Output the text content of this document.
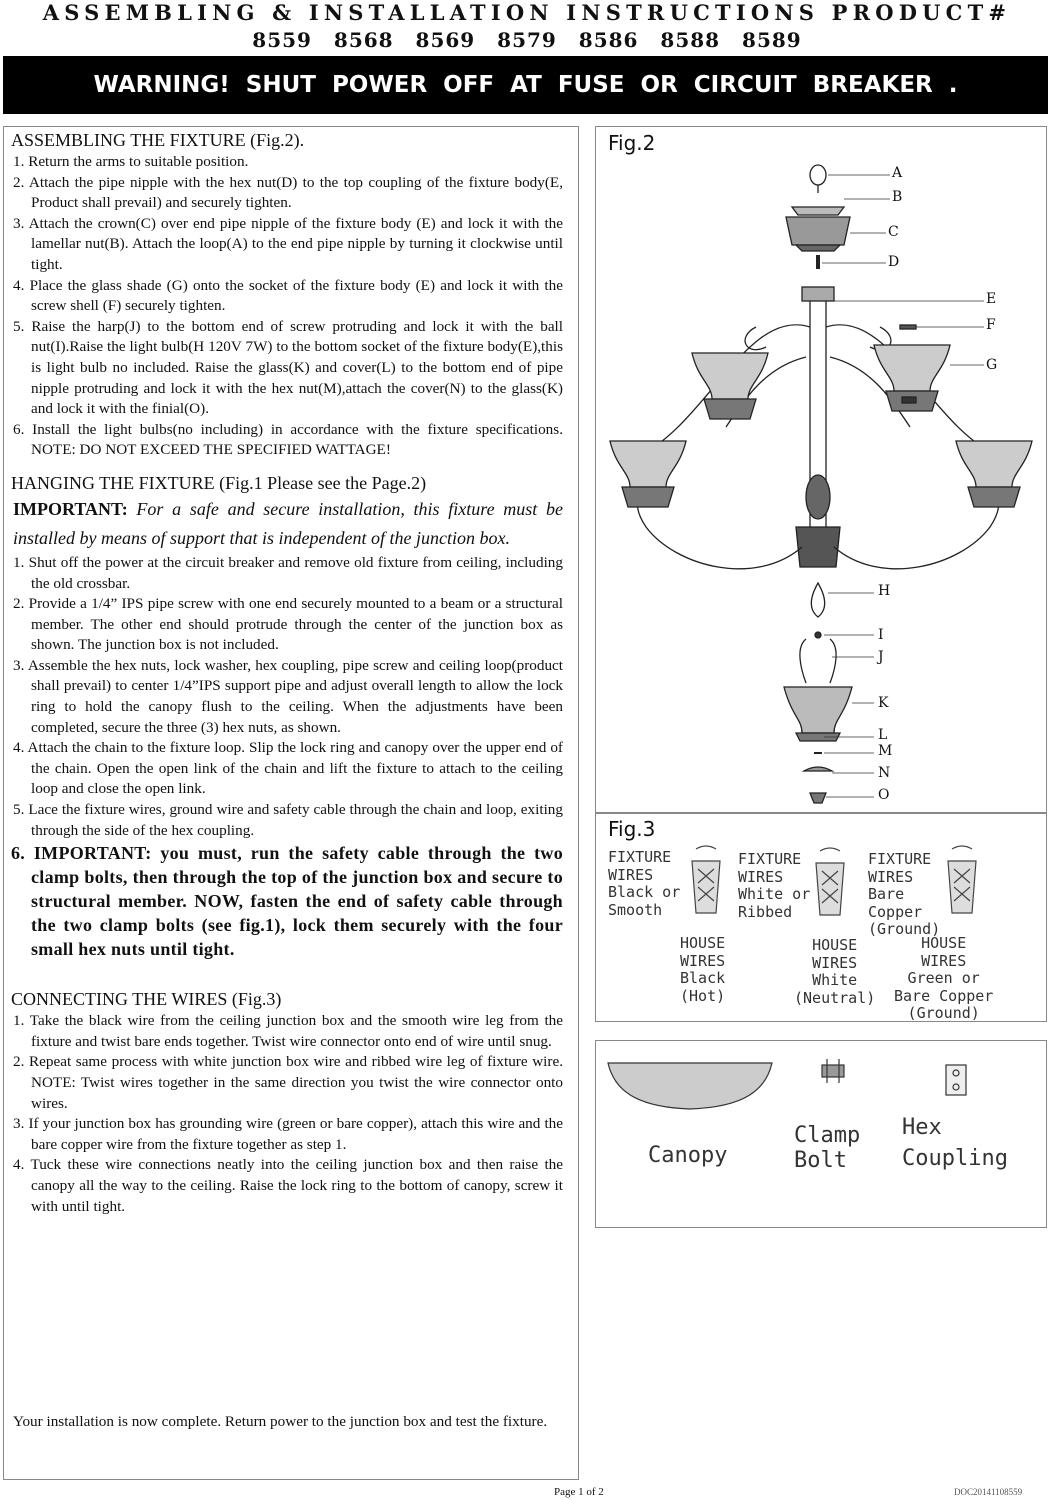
ASSEMBLING & INSTALLATION INSTRUCTIONS PRODUCT#
8559 8568 8569 8579 8586 8588 8589
WARNING! SHUT POWER OFF AT FUSE OR CIRCUIT BREAKER .
ASSEMBLING THE FIXTURE (Fig.2).

1. Return the arms to suitable position.

2. Attach the pipe nipple with the hex nut(D) to the top coupling of the fixture body(E, Product shall prevail) and securely tighten.

3. Attach the crown(C) over end pipe nipple of the fixture body (E) and lock it with the lamellar nut(B). Attach the loop(A) to the end pipe nipple by turning it clockwise until tight.

4. Place the glass shade (G) onto the socket of the fixture body (E) and lock it with the screw shell (F) securely tighten.

5. Raise the harp(J) to the bottom end of screw protruding and lock it with the ball nut(I).Raise the light bulb(H 120V 7W) to the bottom socket of the fixture body(E),this is light bulb no included. Raise the glass(K) and cover(L) to the bottom end of pipe nipple protruding and lock it with the hex nut(M),attach the cover(N) to the glass(K) and lock it with the finial(O).

6. Install the light bulbs(no including) in accordance with the fixture specifications. NOTE: DO NOT EXCEED THE SPECIFIED WATTAGE!

HANGING THE FIXTURE (Fig.1 Please see the Page.2)

IMPORTANT: For a safe and secure installation, this fixture must be installed by means of support that is independent of the junction box.

1. Shut off the power at the circuit breaker and remove old fixture from ceiling, including the old crossbar.

2. Provide a 1/4” IPS pipe screw with one end securely mounted to a beam or a structural member. The other end should protrude through the center of the junction box as shown. The junction box is not included.

3. Assemble the hex nuts, lock washer, hex coupling, pipe screw and ceiling loop(product shall prevail) to center 1/4”IPS support pipe and adjust overall length to allow the lock ring to hold the canopy flush to the ceiling. When the adjustments have been completed, secure the three (3) hex nuts, as shown.

4. Attach the chain to the fixture loop. Slip the lock ring and canopy over the upper end of the chain. Open the open link of the chain and lift the fixture to attach to the ceiling loop and close the open link.

5. Lace the fixture wires, ground wire and safety cable through the chain and loop, exiting through the side of the hex coupling.

6. IMPORTANT: you must, run the safety cable through the two clamp bolts, then through the top of the junction box and secure to structural member. NOW, fasten the end of safety cable through the two clamp bolts (see fig.1), lock them securely with the four small hex nuts until tight.

CONNECTING THE WIRES (Fig.3)

1. Take the black wire from the ceiling junction box and the smooth wire leg from the fixture and twist bare ends together. Twist wire connector onto end of wire until snug.

2. Repeat same process with white junction box wire and ribbed wire leg of fixture wire. NOTE: Twist wires together in the same direction you twist the wire connector onto wires.

3. If your junction box has grounding wire (green or bare copper), attach this wire and the bare copper wire from the fixture together as step 1.

4. Tuck these wire connections neatly into the ceiling junction box and then raise the canopy all the way to the ceiling. Raise the lock ring to the bottom of canopy, screw it with until tight.

Your installation is now complete. Return power to the junction box and test the fixture.
Fig.2
A
B
C
D
E
F
G
H
I
J
K
L
M
N
O
Fig.3
FIXTURE
WIRES
Black or
Smooth
HOUSE
WIRES
Black
(Hot)
FIXTURE
WIRES
White or
Ribbed
HOUSE
WIRES
White
(Neutral)
FIXTURE
WIRES
Bare
Copper
(Ground)
HOUSE
WIRES
Green or
Bare Copper
(Ground)
Canopy
Clamp
Bolt
Hex
Coupling
Page 1 of 2	DOC20141108559
